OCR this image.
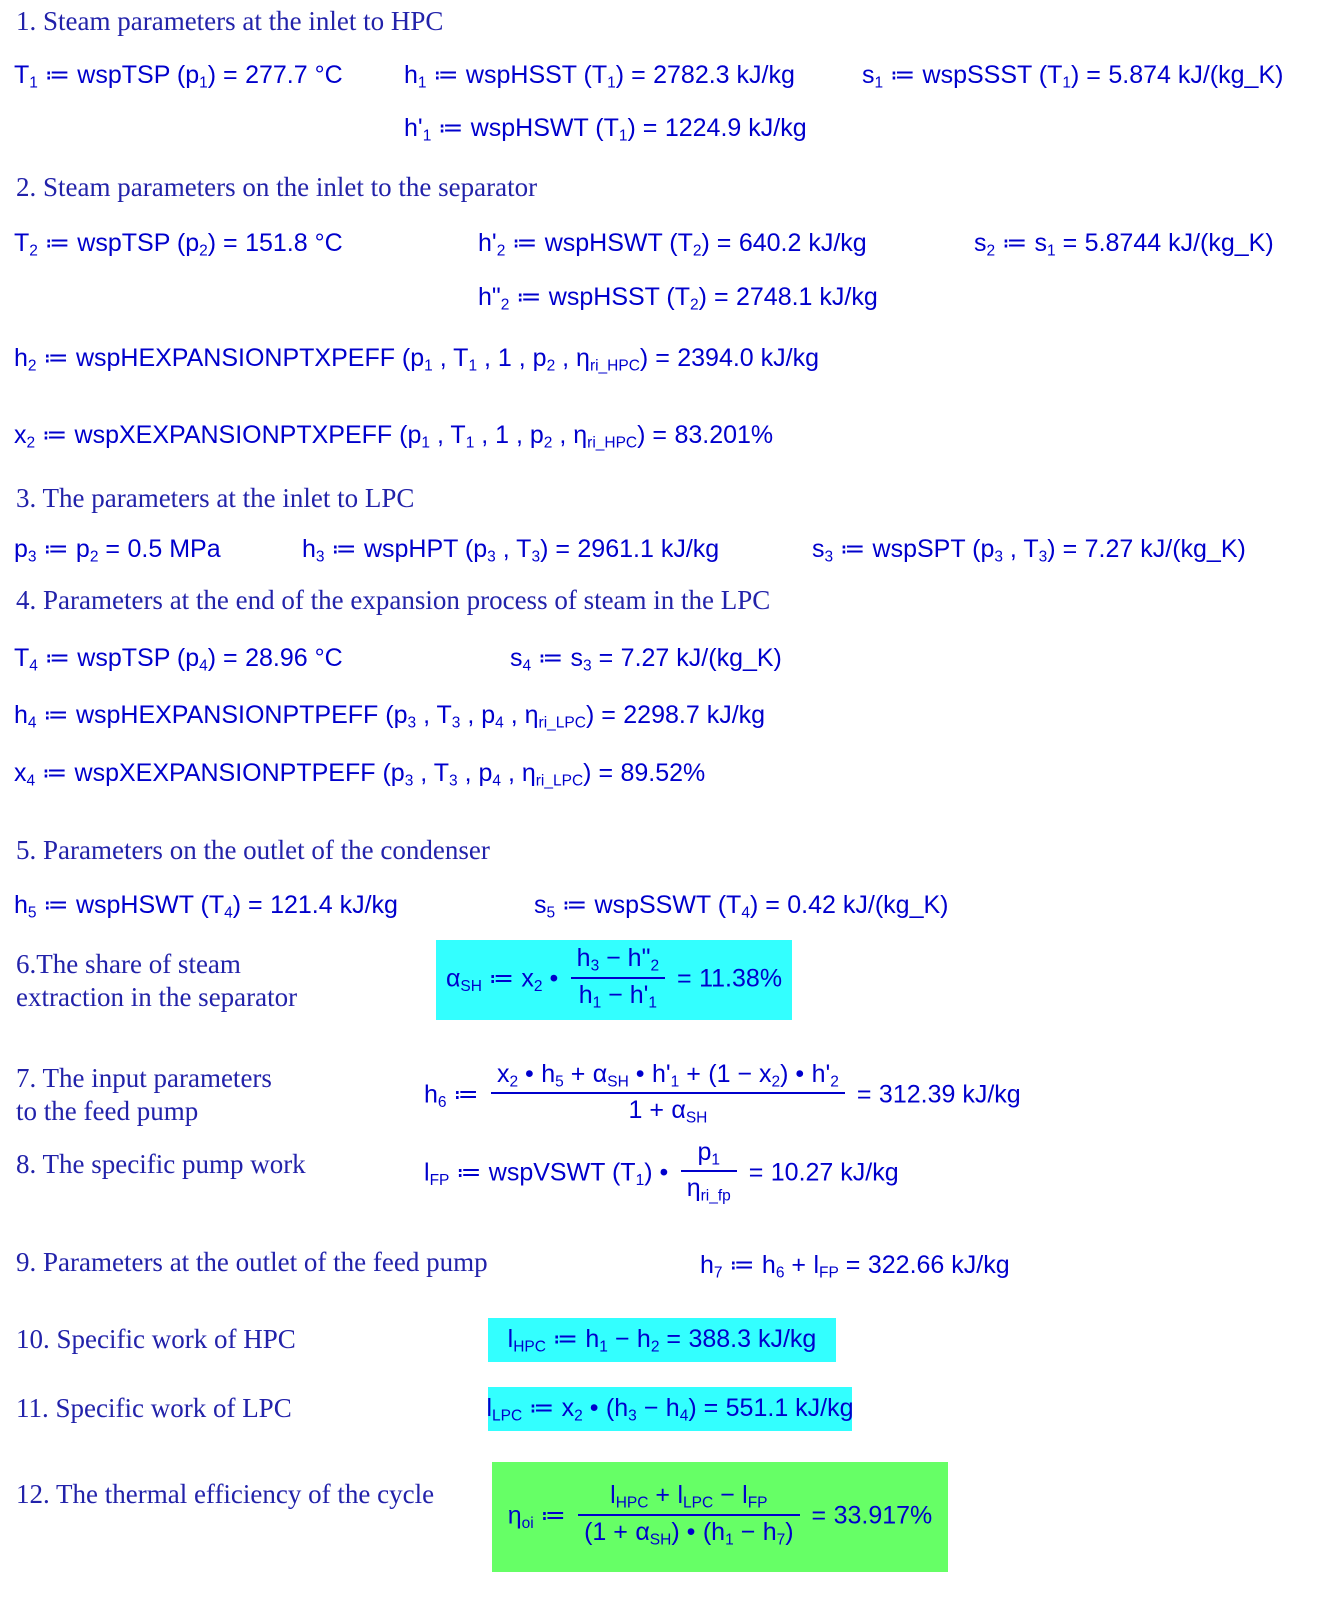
1. Steam parameters at the inlet to HPC
$T_1$ ≔ wspTSP $(p_1) = 277.7$ °C $h_1$ ≔ wspHSST $(T_1) = 2782.3$ kJ/kg	$s_1$ ≔ wspSSST $(T_1) = 5.874$ kJ/(kg_K)
$h'_1$ ≔ wspHSWT $(T_1) = 1224.9$ kJ/kg
2. Steam parameters on the inlet to the separator
$T_2$ ≔ wspTSP $(p_2) = 151.8$ °C	$h'_2$ ≔ wspHSWT $(T_2) = 640.2$ kJ/kg	$s_2$ ≔ $s_1 = 5.8744$ kJ/(kg_K)
$h"_2$ ≔ wspHSST $(T_2) = 2748.1$ kJ/kg
$h_2$ ≔ wspHEXPANSIONPTXPEFF ($p_1$ , $T_1$ , 1 , $p_2$ , $\eta_{ri\_HPC}) = 2394.0$ kJ/kg
$x_2$ ≔ wspXEXPANSIONPTXPEFF ($p_1$ , $T_1$ , 1 , $p_2$ , $\eta_{ri\_HPC}) = 83.201\%$
3. The parameters at the inlet to LPC
$p_3$ ≔ $p_2 = 0.5$ MPa	$h_3$ ≔ wspHPT ($p_3$ , $T_3) = 2961.1$ kJ/kg	$s_3$ ≔ wspSPT ($p_3$ , $T_3) = 7.27$ kJ/(kg_K)
4. Parameters at the end of the expansion process of steam in the LPC
$T_4$ ≔ wspTSP $(p_4) = 28.96$ °C	$s_4$ ≔ $s_3 = 7.27$ kJ/(kg_K)
$h_4$ ≔ wspHEXPANSIONPTPEFF ($p_3$ , $T_3$ , $p_4$ , $\eta_{ri\_LPC}) = 2298.7$ kJ/kg
$x_4$ ≔ wspXEXPANSIONPTPEFF ($p_3$ , $T_3$ , $p_4$ , $\eta_{ri\_LPC}) = 89.52\%$
5. Parameters on the outlet of the condenser
$h_5$ ≔ wspHSWT $(T_4) = 121.4$ kJ/kg	$s_5$ ≔ wspSSWT $(T_4) = 0.42$ kJ/(kg_K)
6.The share of steam
extraction in the separator
$\alpha_{SH}$ ≔ $x_2$ • $\frac{h_3 - h"_2}{h_1 - h'_1} = 11.38\%$
7. The input parameters
to the feed pump
$h_6$ ≔ $\frac{x_2 • h_5 + \alpha_{SH} • h'_1 + (1 - x_2) • h'_2}{1 + \alpha_{SH}} = 312.39$ kJ/kg
8. The specific pump work	$l_{FP}$ ≔ wspVSWT $(T_1)$ • $\frac{p_1}{\eta_{ri\_fp}} = 10.27$ kJ/kg
9. Parameters at the outlet of the feed pump	$h_7$ ≔ $h_6 + l_{FP} = 322.66$ kJ/kg
10. Specific work of HPC	$l_{HPC}$ ≔ $h_1 - h_2 = 388.3$ kJ/kg
11. Specific work of LPC	$l_{LPC}$ ≔ $x_2$ • $(h_3 - h_4) = 551.1$ kJ/kg
12. The thermal efficiency of the cycle
$\eta_{oi}$ ≔ $\frac{l_{HPC} + l_{LPC} - l_{FP}}{(1 + \alpha_{SH}) • (h_1 - h_7)} = 33.917\%$
